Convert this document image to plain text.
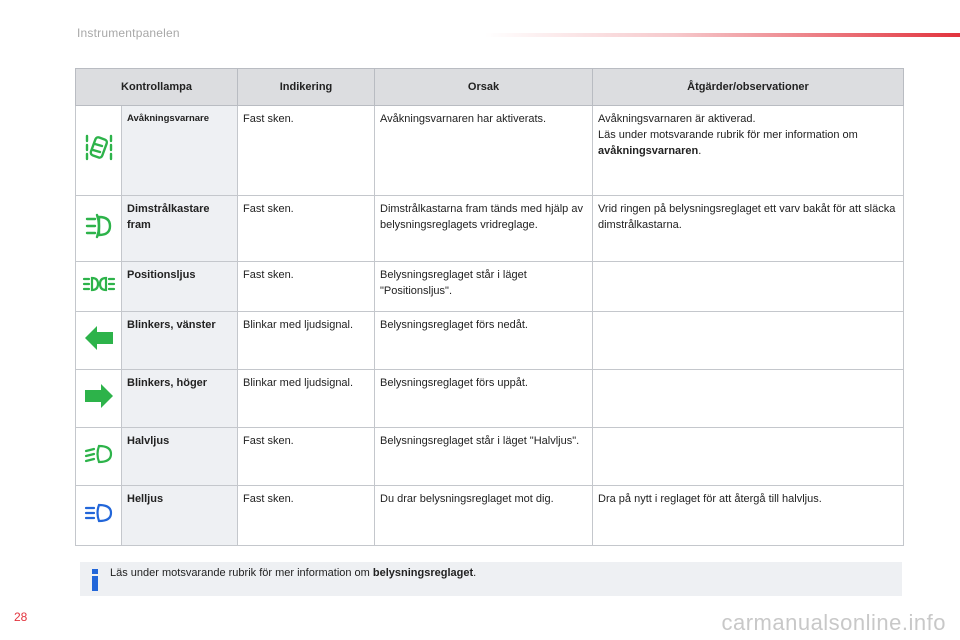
Instrumentpanelen
Kontrollampa		Indikering	Orsak	Åtgärder/observationer
	Avåkningsvarnare	Fast sken.	Avåkningsvarnaren har aktiverats.	Avåkningsvarnaren är aktiverad.
Läs under motsvarande rubrik för mer information om avåkningsvarnaren.
	Dimstrålkastare fram	Fast sken.	Dimstrålkastarna fram tänds med hjälp av belysningsreglagets vridreglage.	Vrid ringen på belysningsreglaget ett varv bakåt för att släcka dimstrålkastarna.
	Positionsljus	Fast sken.	Belysningsreglaget står i läget "Positionsljus".	
	Blinkers, vänster	Blinkar med ljudsignal.	Belysningsreglaget förs nedåt.	
	Blinkers, höger	Blinkar med ljudsignal.	Belysningsreglaget förs uppåt.	
	Halvljus	Fast sken.	Belysningsreglaget står i läget "Halvljus".	
	Helljus	Fast sken.	Du drar belysningsreglaget mot dig.	Dra på nytt i reglaget för att återgå till halvljus.
Läs under motsvarande rubrik för mer information om belysningsreglaget.
28	carmanualsonline.info
